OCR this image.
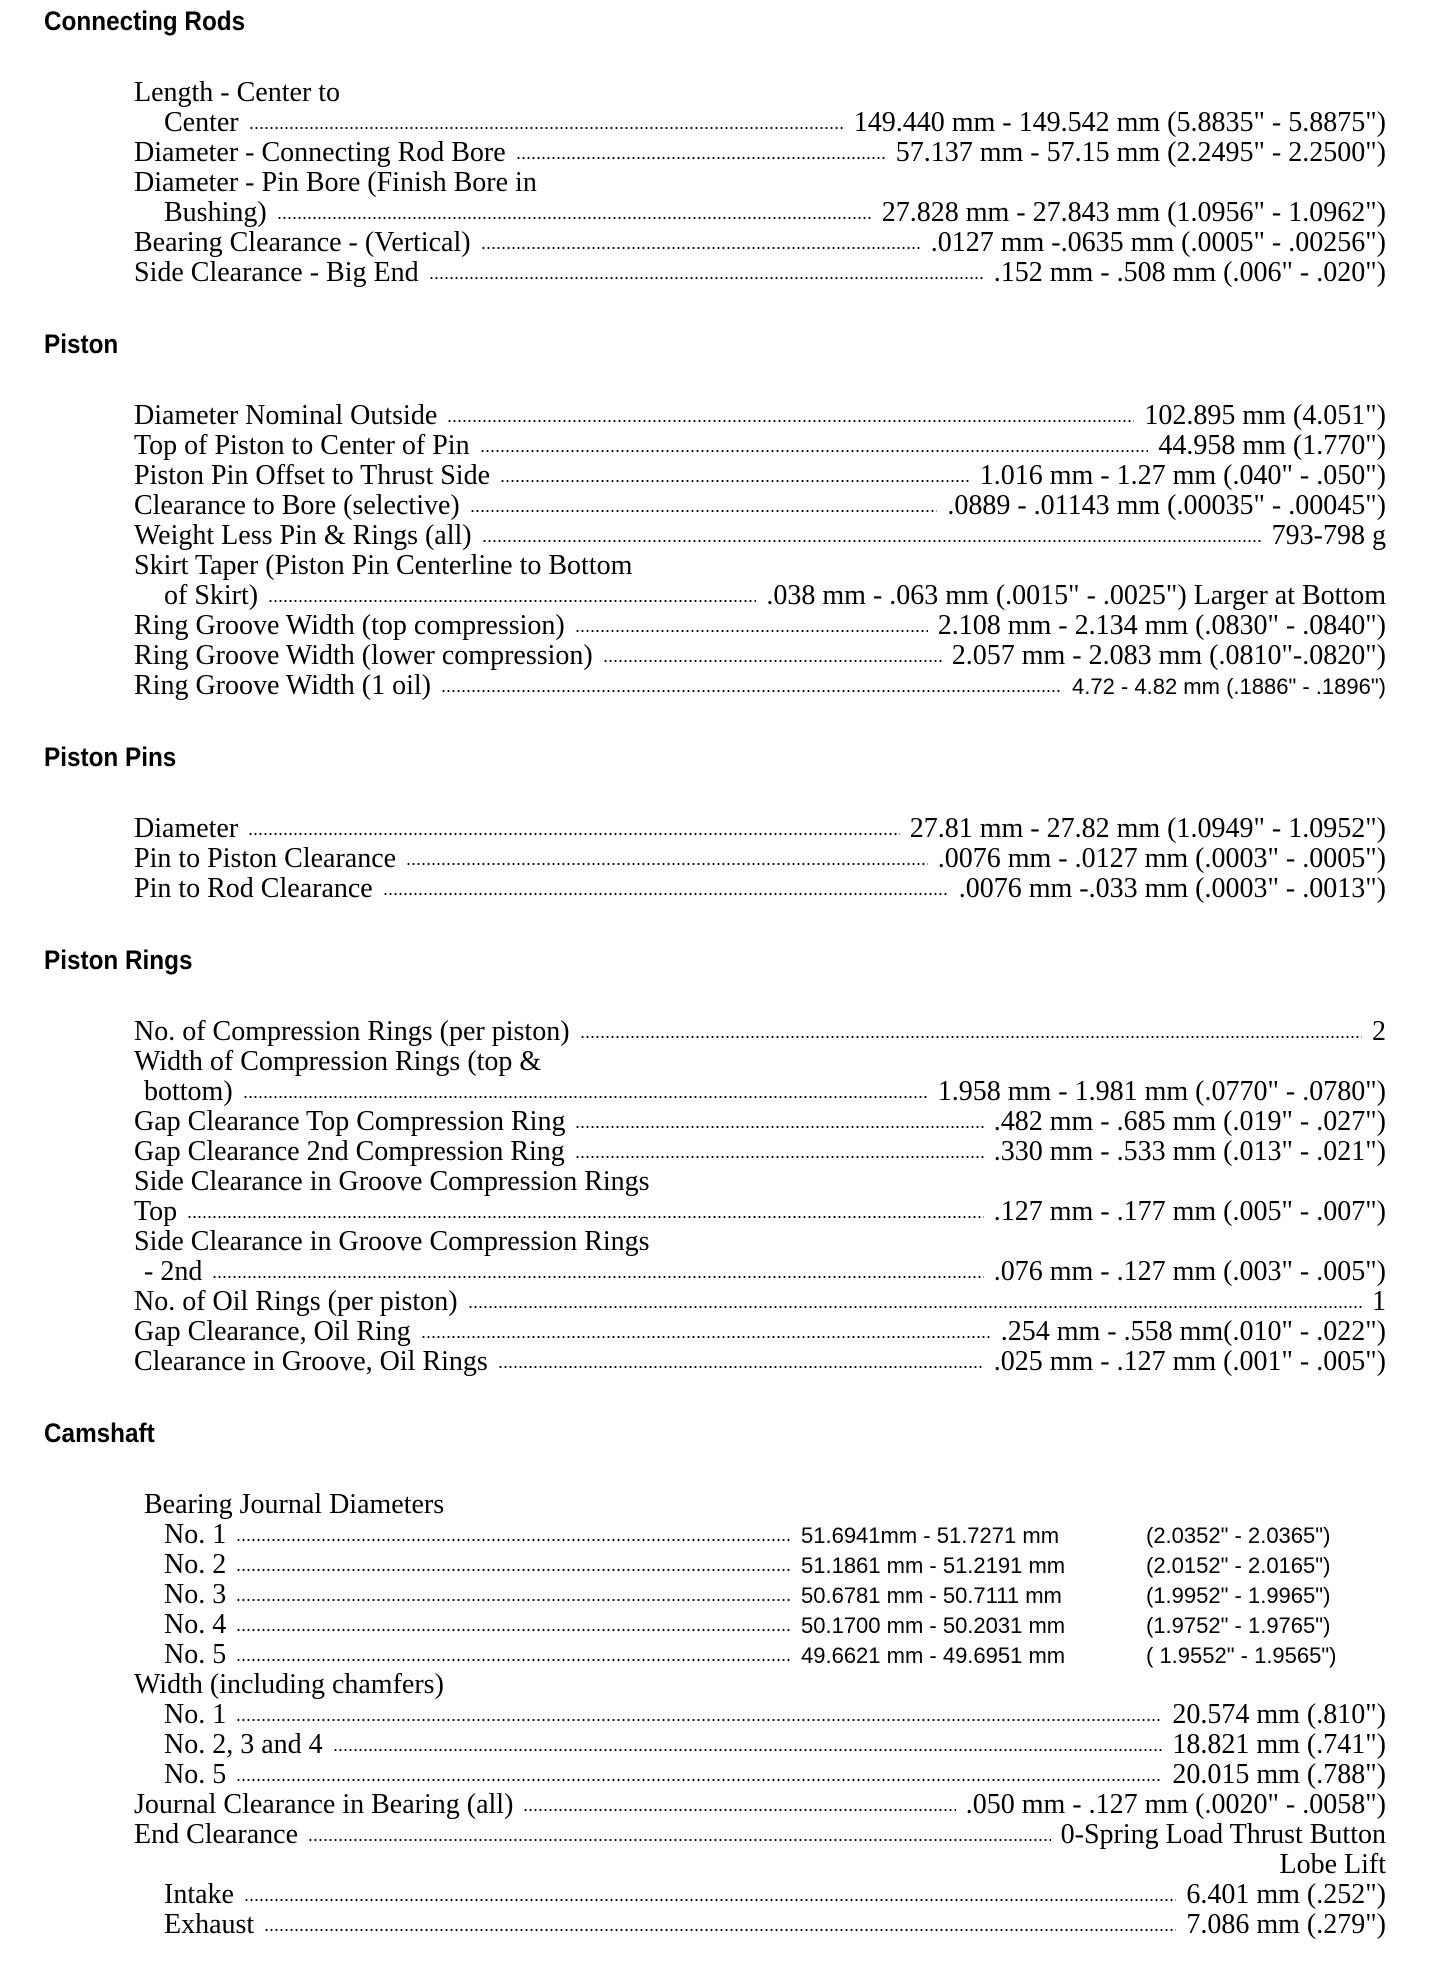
Connecting Rods
Length - Center to
Center	149.440 mm - 149.542 mm (5.8835" - 5.8875")
Diameter - Connecting Rod Bore	57.137 mm - 57.15 mm (2.2495" - 2.2500")
Diameter - Pin Bore (Finish Bore in
Bushing)	27.828 mm - 27.843 mm (1.0956" - 1.0962")
Bearing Clearance - (Vertical)	.0127 mm -.0635 mm (.0005" - .00256")
Side Clearance - Big End	.152 mm - .508 mm (.006" - .020")
Piston
Diameter Nominal Outside	102.895 mm (4.051")
Top of Piston to Center of Pin	44.958 mm (1.770")
Piston Pin Offset to Thrust Side	1.016 mm - 1.27 mm (.040" - .050")
Clearance to Bore (selective)	.0889 - .01143 mm (.00035" - .00045")
Weight Less Pin & Rings (all)	793-798 g
Skirt Taper (Piston Pin Centerline to Bottom
of Skirt)	.038 mm - .063 mm (.0015" - .0025") Larger at Bottom
Ring Groove Width (top compression)	2.108 mm - 2.134 mm (.0830" - .0840")
Ring Groove Width (lower compression)	2.057 mm - 2.083 mm (.0810"-.0820")
Ring Groove Width (1 oil)	4.72 - 4.82 mm (.1886" - .1896")
Piston Pins
Diameter	27.81 mm - 27.82 mm (1.0949" - 1.0952")
Pin to Piston Clearance	.0076 mm - .0127 mm (.0003" - .0005")
Pin to Rod Clearance	.0076 mm -.033 mm (.0003" - .0013")
Piston Rings
No. of Compression Rings (per piston)	2
Width of Compression Rings (top &
bottom)	1.958 mm - 1.981 mm (.0770" - .0780")
Gap Clearance Top Compression Ring	.482 mm - .685 mm (.019" - .027")
Gap Clearance 2nd Compression Ring	.330 mm - .533 mm (.013" - .021")
Side Clearance in Groove Compression Rings
Top	.127 mm - .177 mm (.005" - .007")
Side Clearance in Groove Compression Rings
- 2nd	.076 mm - .127 mm (.003" - .005")
No. of Oil Rings (per piston)	1
Gap Clearance, Oil Ring	.254 mm - .558 mm(.010" - .022")
Clearance in Groove, Oil Rings	.025 mm - .127 mm (.001" - .005")
Camshaft
Bearing Journal Diameters
No. 1	51.6941mm - 51.7271 mm	(2.0352" - 2.0365")
No. 2	51.1861 mm - 51.2191 mm	(2.0152" - 2.0165")
No. 3	50.6781 mm - 50.7111 mm	(1.9952" - 1.9965")
No. 4	50.1700 mm - 50.2031 mm	(1.9752" - 1.9765")
No. 5	49.6621 mm - 49.6951 mm	( 1.9552" - 1.9565")
Width (including chamfers)
No. 1	20.574 mm (.810")
No. 2, 3 and 4	18.821 mm (.741")
No. 5	20.015 mm (.788")
Journal Clearance in Bearing (all)	.050 mm - .127 mm (.0020" - .0058")
End Clearance	0-Spring Load Thrust Button
Lobe Lift
Intake	6.401 mm (.252")
Exhaust	7.086 mm (.279")
